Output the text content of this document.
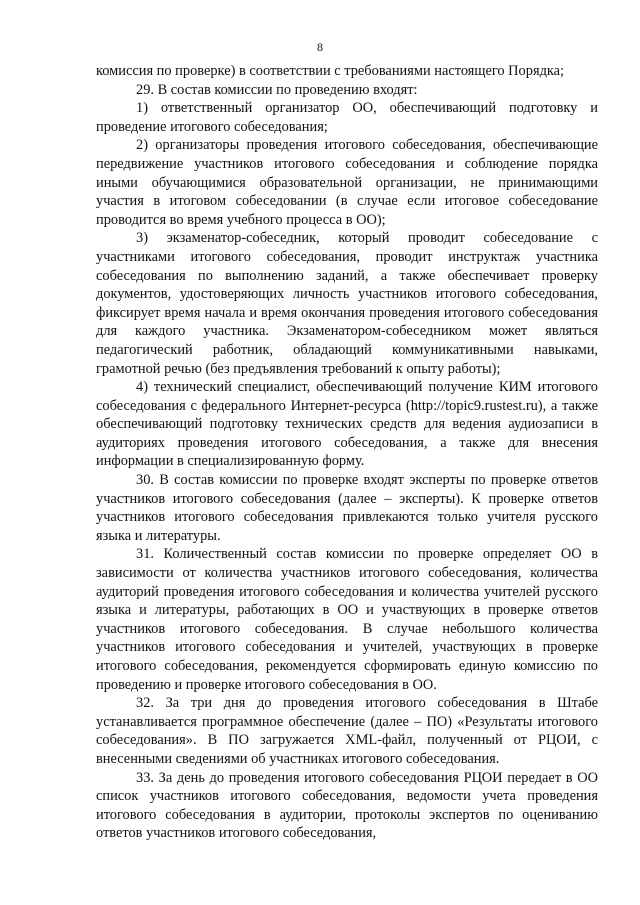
8

комиссия по проверке) в соответствии с требованиями настоящего Порядка;

29. В состав комиссии по проведению входят:

1) ответственный организатор ОО, обеспечивающий подготовку и проведение итогового собеседования;

2) организаторы проведения итогового собеседования, обеспечивающие передвижение участников итогового собеседования и соблюдение порядка иными обучающимися образовательной организации, не принимающими участия в итоговом собеседовании (в случае если итоговое собеседование проводится во время учебного процесса в ОО);

3) экзаменатор-собеседник, который проводит собеседование с участниками итогового собеседования, проводит инструктаж участника собеседования по выполнению заданий, а также обеспечивает проверку документов, удостоверяющих личность участников итогового собеседования, фиксирует время начала и время окончания проведения итогового собеседования для каждого участника. Экзаменатором-собеседником может являться педагогический работник, обладающий коммуникативными навыками, грамотной речью (без предъявления требований к опыту работы);

4) технический специалист, обеспечивающий получение КИМ итогового собеседования с федерального Интернет-ресурса (http://topic9.rustest.ru), а также обеспечивающий подготовку технических средств для ведения аудиозаписи в аудиториях проведения итогового собеседования, а также для внесения информации в специализированную форму.

30. В состав комиссии по проверке входят эксперты по проверке ответов участников итогового собеседования (далее – эксперты). К проверке ответов участников итогового собеседования привлекаются только учителя русского языка и литературы.

31. Количественный состав комиссии по проверке определяет ОО в зависимости от количества участников итогового собеседования, количества аудиторий проведения итогового собеседования и количества учителей русского языка и литературы, работающих в ОО и участвующих в проверке ответов участников итогового собеседования. В случае небольшого количества участников итогового собеседования и учителей, участвующих в проверке итогового собеседования, рекомендуется сформировать единую комиссию по проведению и проверке итогового собеседования в ОО.

32. За три дня до проведения итогового собеседования в Штабе устанавливается программное обеспечение (далее – ПО) «Результаты итогового собеседования». В ПО загружается XML-файл, полученный от РЦОИ, с внесенными сведениями об участниках итогового собеседования.

33. За день до проведения итогового собеседования РЦОИ передает в ОО список участников итогового собеседования, ведомости учета проведения итогового собеседования в аудитории, протоколы экспертов по оцениванию ответов участников итогового собеседования,
